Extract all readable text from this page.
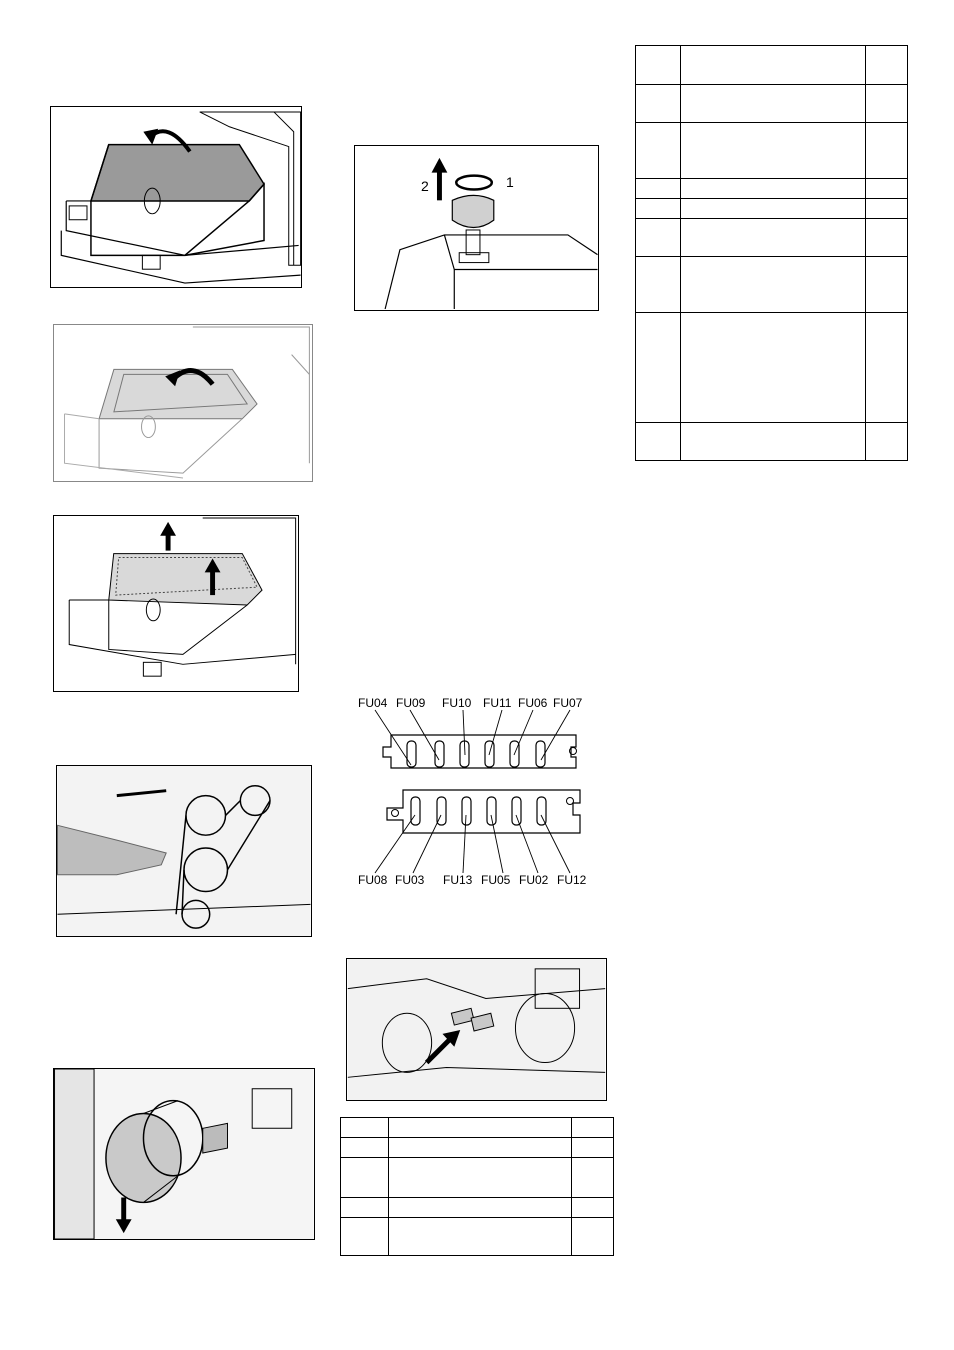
2	1
FU04 FU09 FU10 FU11 FU06 FU07
FU08 FU03 FU13 FU05 FU02 FU12
